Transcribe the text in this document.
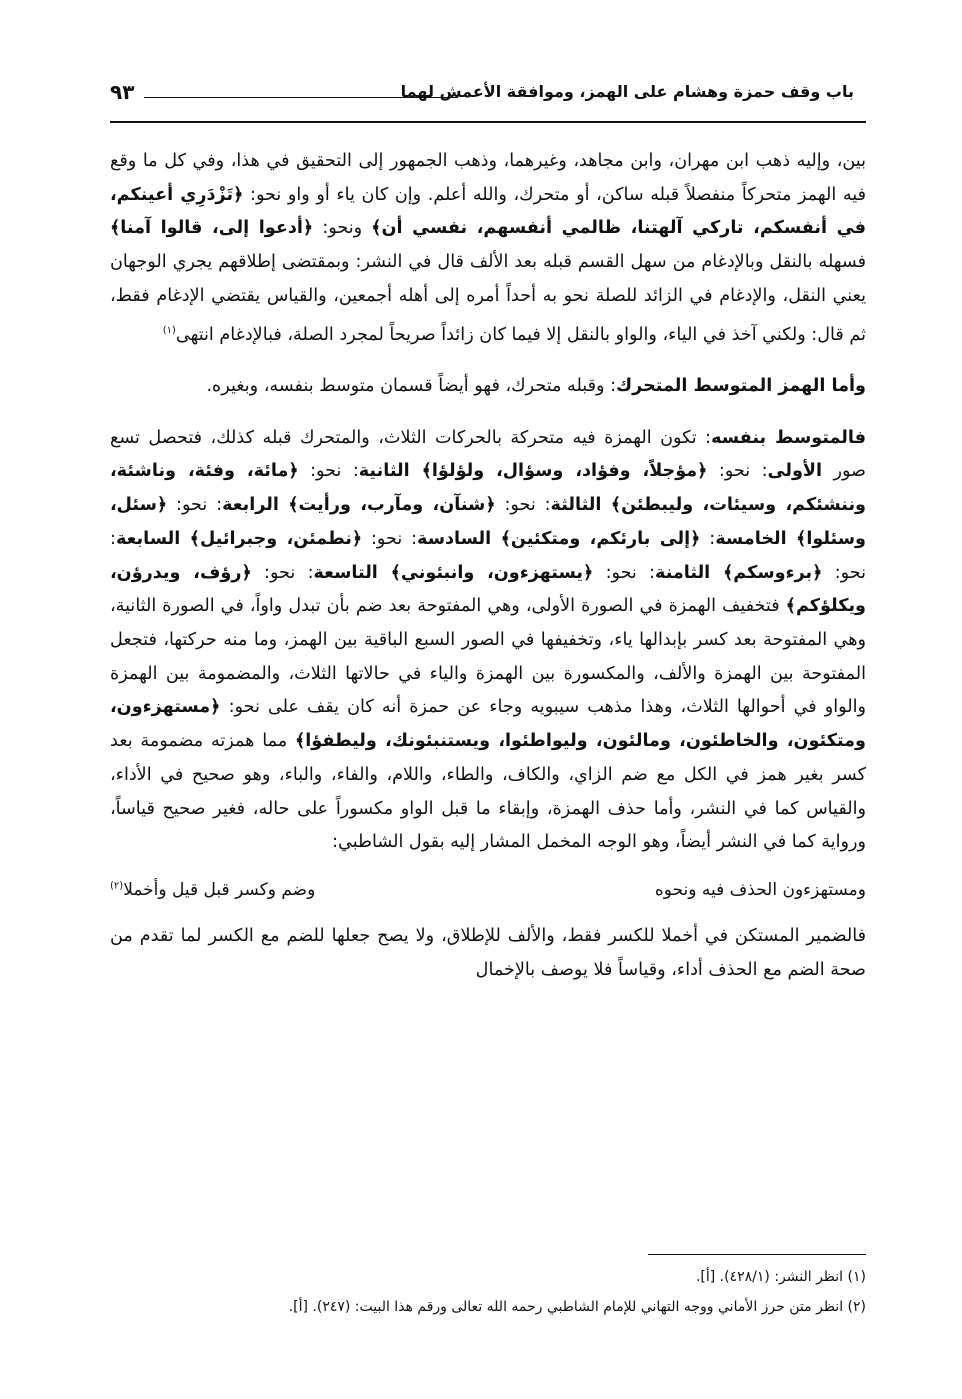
باب وقف حمزة وهشام على الهمز، وموافقة الأعمش لهما
٩٣

بين، وإليه ذهب ابن مهران، وابن مجاهد، وغيرهما، وذهب الجمهور إلى التحقيق في هذا، وفي كل ما وقع فيه الهمز متحركاً منفصلاً قبله ساكن، أو متحرك، والله أعلم. وإن كان ياء أو واو نحو: ﴿تَزْدَرِي أعينكم، في أنفسكم، تاركي آلهتنا، ظالمي أنفسهم، نفسي أن﴾ ونحو: ﴿أدعوا إلى، قالوا آمنا﴾ فسهله بالنقل وبالإدغام من سهل القسم قبله بعد الألف قال في النشر: وبمقتضى إطلاقهم يجري الوجهان يعني النقل، والإدغام في الزائد للصلة نحو به أحداً أمره إلى أهله أجمعين، والقياس يقتضي الإدغام فقط، ثم قال: ولكني آخذ في الياء، والواو بالنقل إلا فيما كان زائداً صريحاً لمجرد الصلة، فبالإدغام انتهى$^{(١)}$

وأما الهمز المتوسط المتحرك: وقبله متحرك، فهو أيضاً قسمان متوسط بنفسه، وبغيره.

فالمتوسط بنفسه: تكون الهمزة فيه متحركة بالحركات الثلاث، والمتحرك قبله كذلك، فتحصل تسع صور الأولى: نحو: ﴿مؤجلاً، وفؤاد، وسؤال، ولؤلؤا﴾ الثانية: نحو: ﴿مائة، وفئة، وناشئة، وننشئكم، وسيئات، وليبطئن﴾ الثالثة: نحو: ﴿شنآن، ومآرب، ورأيت﴾ الرابعة: نحو: ﴿سئل، وسئلوا﴾ الخامسة: ﴿إلى بارئكم، ومتكئين﴾ السادسة: نحو: ﴿نطمئن، وجبرائيل﴾ السابعة: نحو: ﴿برءوسكم﴾ الثامنة: نحو: ﴿يستهزءون، وانبئوني﴾ التاسعة: نحو: ﴿رؤف، ويدرؤن، ويكلؤكم﴾ فتخفيف الهمزة في الصورة الأولى، وهي المفتوحة بعد ضم بأن تبدل واواً، في الصورة الثانية، وهي المفتوحة بعد كسر بإبدالها ياء، وتخفيفها في الصور السبع الباقية بين الهمز، وما منه حركتها، فتجعل المفتوحة بين الهمزة والألف، والمكسورة بين الهمزة والياء في حالاتها الثلاث، والمضمومة بين الهمزة والواو في أحوالها الثلاث، وهذا مذهب سيبويه وجاء عن حمزة أنه كان يقف على نحو: ﴿مستهزءون، ومتكئون، والخاطئون، ومالئون، وليواطئوا، ويستنبئونك، وليطفؤا﴾ مما همزته مضمومة بعد كسر بغير همز في الكل مع ضم الزاي، والكاف، والطاء، واللام، والفاء، والباء، وهو صحيح في الأداء، والقياس كما في النشر، وأما حذف الهمزة، وإبقاء ما قبل الواو مكسوراً على حاله، فغير صحيح قياساً، ورواية كما في النشر أيضاً، وهو الوجه المخمل المشار إليه بقول الشاطبي:

ومستهزءون الحذف فيه ونحوه
وضم وكسر قبل قيل وأخملا$^{(٢)}$

فالضمير المستكن في أخملا للكسر فقط، والألف للإطلاق، ولا يصح جعلها للضم مع الكسر لما تقدم من صحة الضم مع الحذف أداء، وقياساً فلا يوصف بالإخمال

(١) انظر النشر: (٤٢٨/١). [أ].
(٢) انظر متن حرز الأماني ووجه التهاني للإمام الشاطبي رحمه الله تعالى ورقم هذا البيت: (٢٤٧). [أ].
